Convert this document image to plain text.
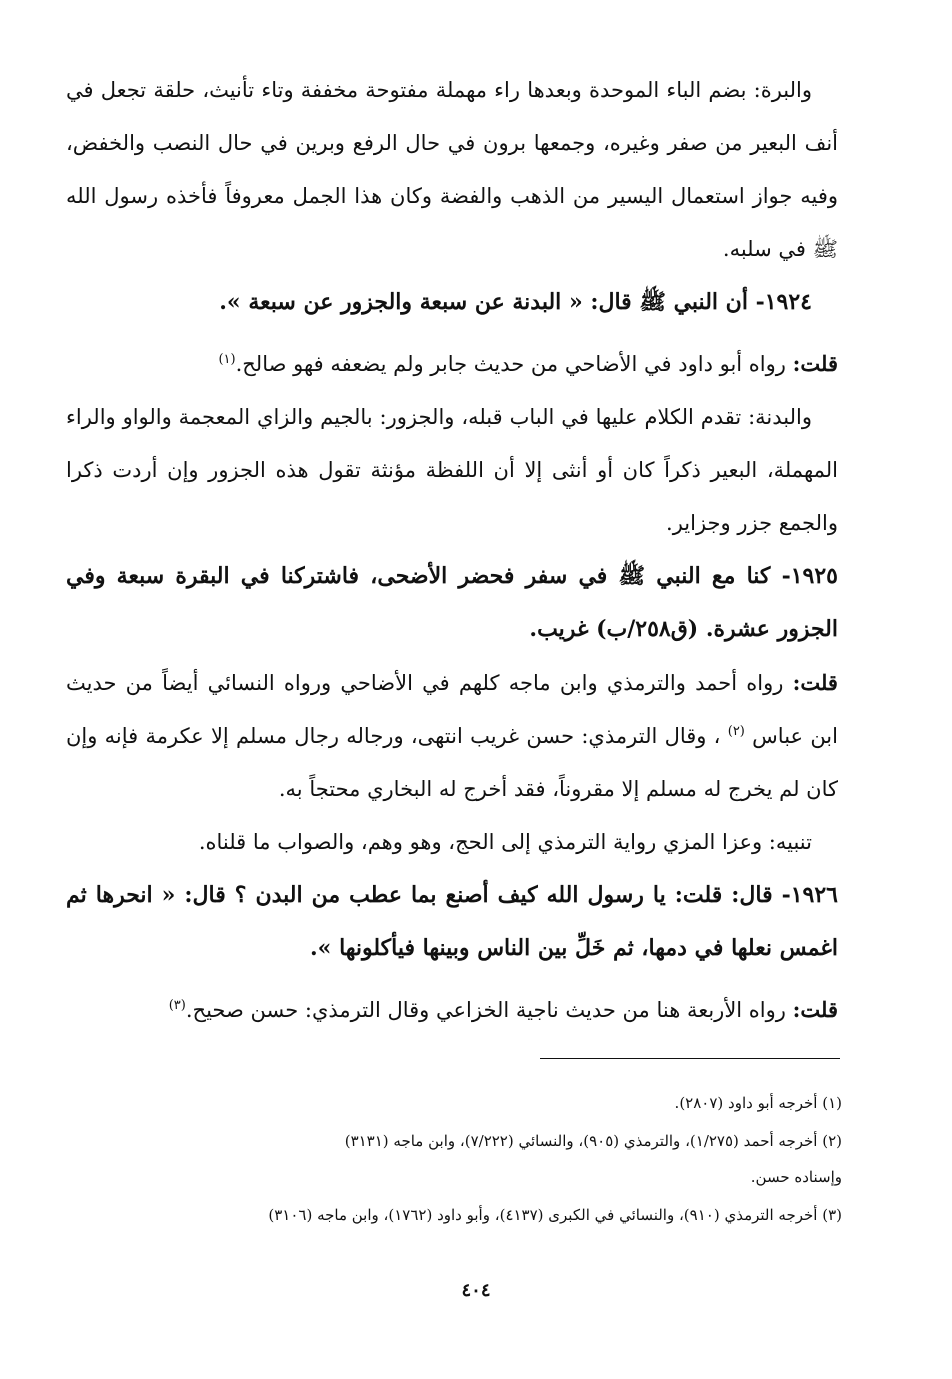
والبرة: بضم الباء الموحدة وبعدها راء مهملة مفتوحة مخففة وتاء تأنيث، حلقة تجعل في أنف البعير من صفر وغيره، وجمعها برون في حال الرفع وبرين في حال النصب والخفض، وفيه جواز استعمال اليسير من الذهب والفضة وكان هذا الجمل معروفاً فأخذه رسول الله ﷺ في سلبه.

١٩٢٤- أن النبي ﷺ قال: « البدنة عن سبعة والجزور عن سبعة ».

قلت: رواه أبو داود في الأضاحي من حديث جابر ولم يضعفه فهو صالح.$^{(١)}$

والبدنة: تقدم الكلام عليها في الباب قبله، والجزور: بالجيم والزاي المعجمة والواو والراء المهملة، البعير ذكراً كان أو أنثى إلا أن اللفظة مؤنثة تقول هذه الجزور وإن أردت ذكرا والجمع جزر وجزاير.

١٩٢٥- كنا مع النبي ﷺ في سفر فحضر الأضحى، فاشتركنا في البقرة سبعة وفي الجزور عشرة. (ق٢٥٨/ب) غريب.

قلت: رواه أحمد والترمذي وابن ماجه كلهم في الأضاحي ورواه النسائي أيضاً من حديث ابن عباس $^{(٢)}$ ، وقال الترمذي: حسن غريب انتهى، ورجاله رجال مسلم إلا عكرمة فإنه وإن كان لم يخرج له مسلم إلا مقروناً، فقد أخرج له البخاري محتجاً به.

تنبيه: وعزا المزي رواية الترمذي إلى الحج، وهو وهم، والصواب ما قلناه.

١٩٢٦- قال: قلت: يا رسول الله كيف أصنع بما عطب من البدن ؟ قال: « انحرها ثم اغمس نعلها في دمها، ثم خَلِّ بين الناس وبينها فيأكلونها ».

قلت: رواه الأربعة هنا من حديث ناجية الخزاعي وقال الترمذي: حسن صحيح.$^{(٣)}$

(١) أخرجه أبو داود (٢٨٠٧).

(٢) أخرجه أحمد (١/٢٧٥)، والترمذي (٩٠٥)، والنسائي (٧/٢٢٢)، وابن ماجه (٣١٣١)

وإسناده حسن.

(٣) أخرجه الترمذي (٩١٠)، والنسائي في الكبرى (٤١٣٧)، وأبو داود (١٧٦٢)، وابن ماجه (٣١٠٦)

٤٠٤
